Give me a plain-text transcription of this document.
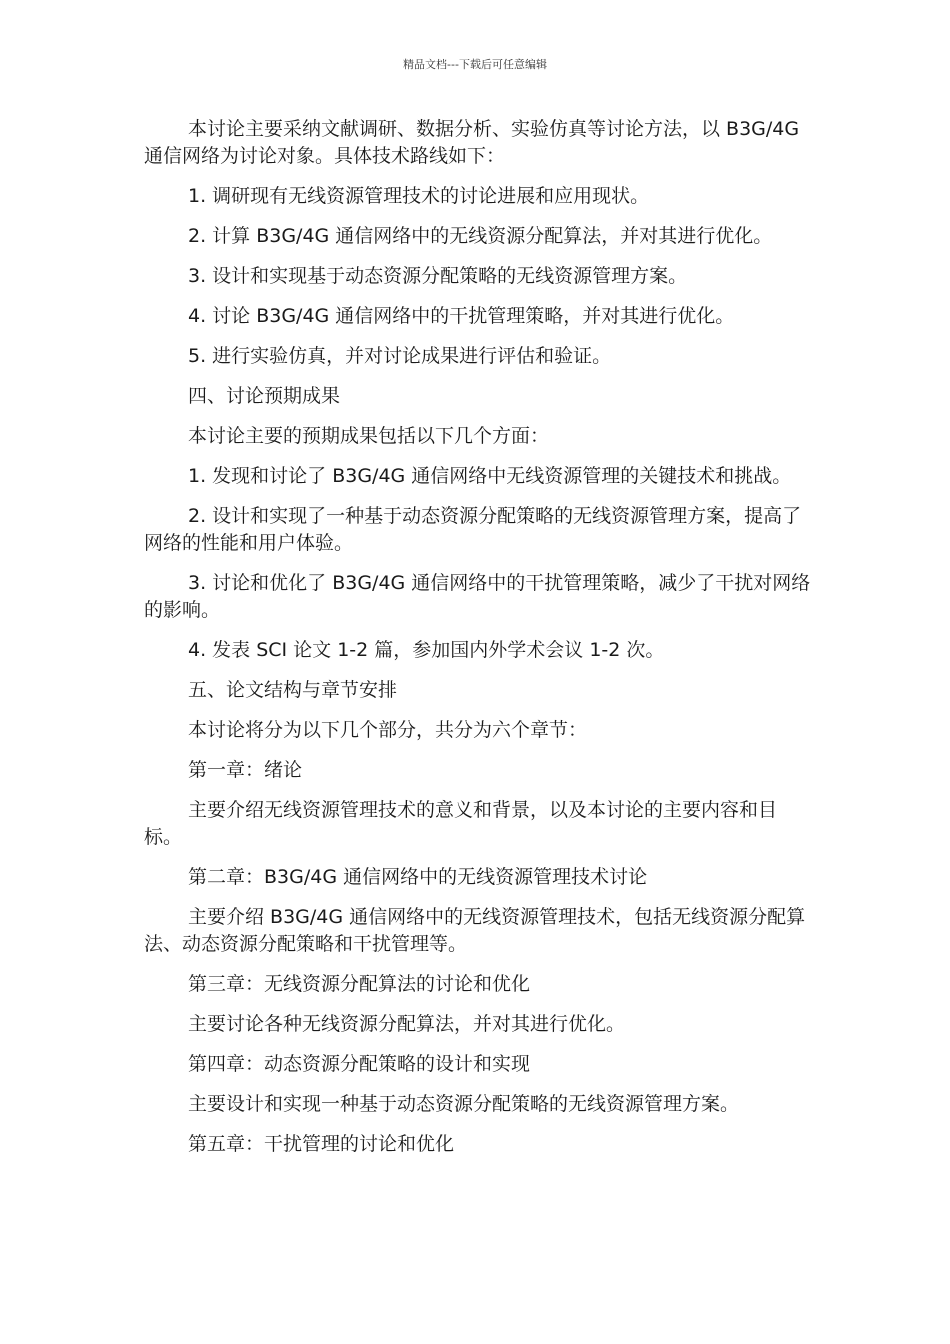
精品文档---下载后可任意编辑

本讨论主要采纳文献调研、数据分析、实验仿真等讨论方法，以 B3G/4G 通信网络为讨论对象。具体技术路线如下：

1. 调研现有无线资源管理技术的讨论进展和应用现状。

2. 计算 B3G/4G 通信网络中的无线资源分配算法，并对其进行优化。

3. 设计和实现基于动态资源分配策略的无线资源管理方案。

4. 讨论 B3G/4G 通信网络中的干扰管理策略，并对其进行优化。

5. 进行实验仿真，并对讨论成果进行评估和验证。

四、讨论预期成果

本讨论主要的预期成果包括以下几个方面：

1. 发现和讨论了 B3G/4G 通信网络中无线资源管理的关键技术和挑战。

2. 设计和实现了一种基于动态资源分配策略的无线资源管理方案，提高了网络的性能和用户体验。

3. 讨论和优化了 B3G/4G 通信网络中的干扰管理策略，减少了干扰对网络的影响。

4. 发表 SCI 论文 1-2 篇，参加国内外学术会议 1-2 次。

五、论文结构与章节安排

本讨论将分为以下几个部分，共分为六个章节：

第一章：绪论

主要介绍无线资源管理技术的意义和背景，以及本讨论的主要内容和目标。

第二章：B3G/4G 通信网络中的无线资源管理技术讨论

主要介绍 B3G/4G 通信网络中的无线资源管理技术，包括无线资源分配算法、动态资源分配策略和干扰管理等。

第三章：无线资源分配算法的讨论和优化

主要讨论各种无线资源分配算法，并对其进行优化。

第四章：动态资源分配策略的设计和实现

主要设计和实现一种基于动态资源分配策略的无线资源管理方案。

第五章：干扰管理的讨论和优化
